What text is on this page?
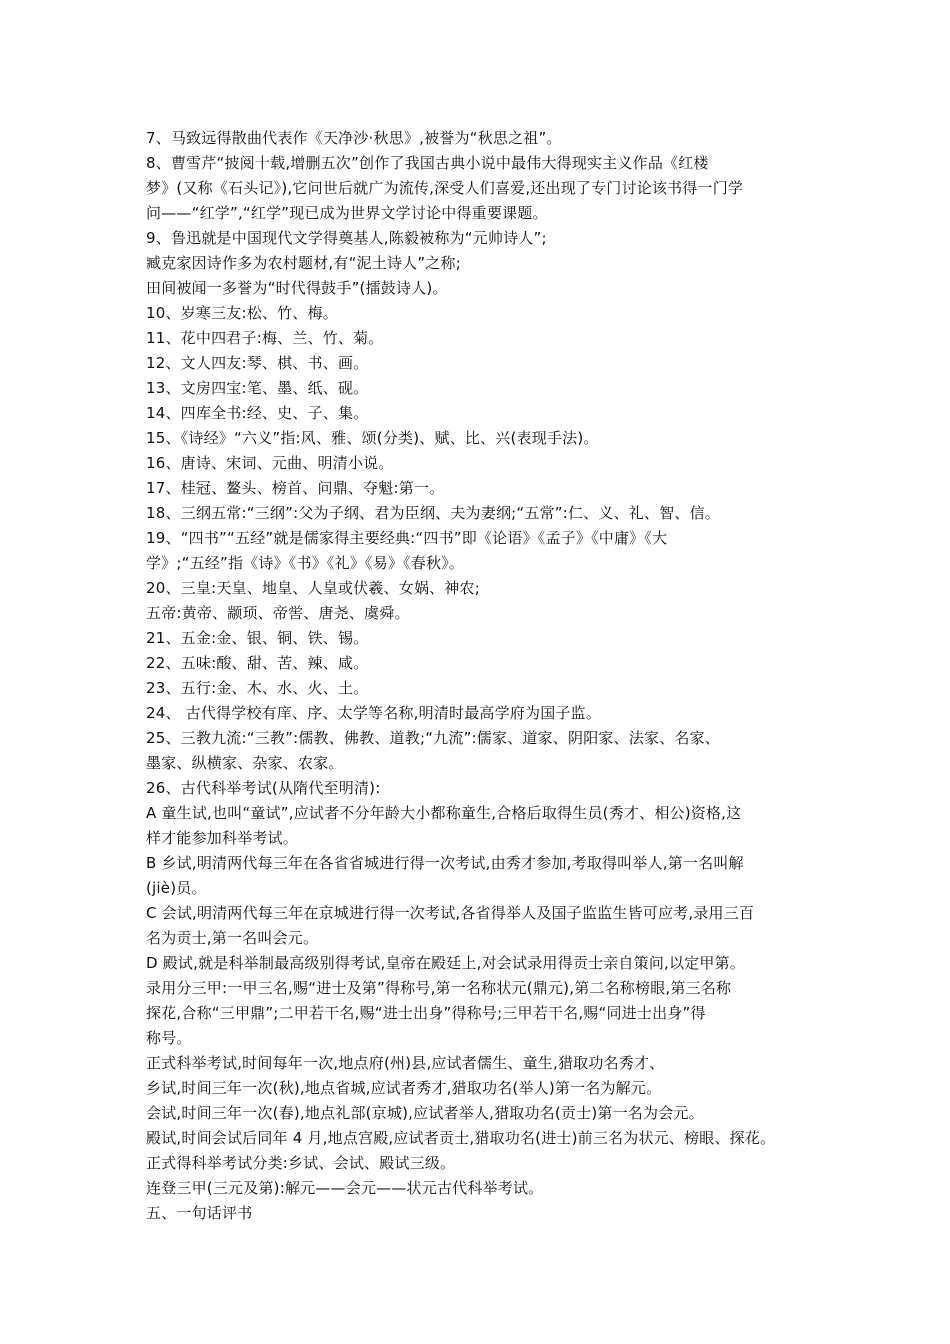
7、马致远得散曲代表作《天净沙·秋思》,被誉为“秋思之祖”。
8、曹雪芹“披阅十载,增删五次”创作了我国古典小说中最伟大得现实主义作品《红楼
梦》(又称《石头记》),它问世后就广为流传,深受人们喜爱,还出现了专门讨论该书得一门学
问——“红学”,“红学”现已成为世界文学讨论中得重要课题。
9、鲁迅就是中国现代文学得奠基人,陈毅被称为“元帅诗人”;
臧克家因诗作多为农村题材,有“泥土诗人”之称;
田间被闻一多誉为“时代得鼓手”(擂鼓诗人)。
10、岁寒三友:松、竹、梅。
11、花中四君子:梅、兰、竹、菊。
12、文人四友:琴、棋、书、画。
13、文房四宝:笔、墨、纸、砚。
14、四库全书:经、史、子、集。
15、《诗经》“六义”指:风、雅、颂(分类)、赋、比、兴(表现手法)。
16、唐诗、宋词、元曲、明清小说。
17、桂冠、鳌头、榜首、问鼎、夺魁:第一。
18、三纲五常:“三纲”:父为子纲、君为臣纲、夫为妻纲;“五常”:仁、义、礼、智、信。
19、“四书”“五经”就是儒家得主要经典:“四书”即《论语》《孟子》《中庸》《大
学》;“五经”指《诗》《书》《礼》《易》《春秋》。
20、三皇:天皇、地皇、人皇或伏羲、女娲、神农;
五帝:黄帝、颛顼、帝喾、唐尧、虞舜。
21、五金:金、银、铜、铁、锡。
22、五味:酸、甜、苦、辣、咸。
23、五行:金、木、水、火、土。
24、 古代得学校有庠、序、太学等名称,明清时最高学府为国子监。
25、三教九流:“三教”:儒教、佛教、道教;“九流”:儒家、道家、阴阳家、法家、名家、
墨家、纵横家、杂家、农家。
26、古代科举考试(从隋代至明清):
A 童生试,也叫“童试”,应试者不分年龄大小都称童生,合格后取得生员(秀才、相公)资格,这
样才能参加科举考试。
B 乡试,明清两代每三年在各省省城进行得一次考试,由秀才参加,考取得叫举人,第一名叫解
(jiè)员。
C 会试,明清两代每三年在京城进行得一次考试,各省得举人及国子监监生皆可应考,录用三百
名为贡士,第一名叫会元。
D 殿试,就是科举制最高级别得考试,皇帝在殿廷上,对会试录用得贡士亲自策问,以定甲第。
录用分三甲:一甲三名,赐“进士及第”得称号,第一名称状元(鼎元),第二名称榜眼,第三名称
探花,合称“三甲鼎”;二甲若干名,赐“进士出身”得称号;三甲若干名,赐“同进士出身”得
称号。
正式科举考试,时间每年一次,地点府(州)县,应试者儒生、童生,猎取功名秀才、
乡试,时间三年一次(秋),地点省城,应试者秀才,猎取功名(举人)第一名为解元。
会试,时间三年一次(春),地点礼部(京城),应试者举人,猎取功名(贡士)第一名为会元。
殿试,时间会试后同年 4 月,地点宫殿,应试者贡士,猎取功名(进士)前三名为状元、榜眼、探花。
正式得科举考试分类:乡试、会试、殿试三级。
连登三甲(三元及第):解元——会元——状元古代科举考试。
五、一句话评书
